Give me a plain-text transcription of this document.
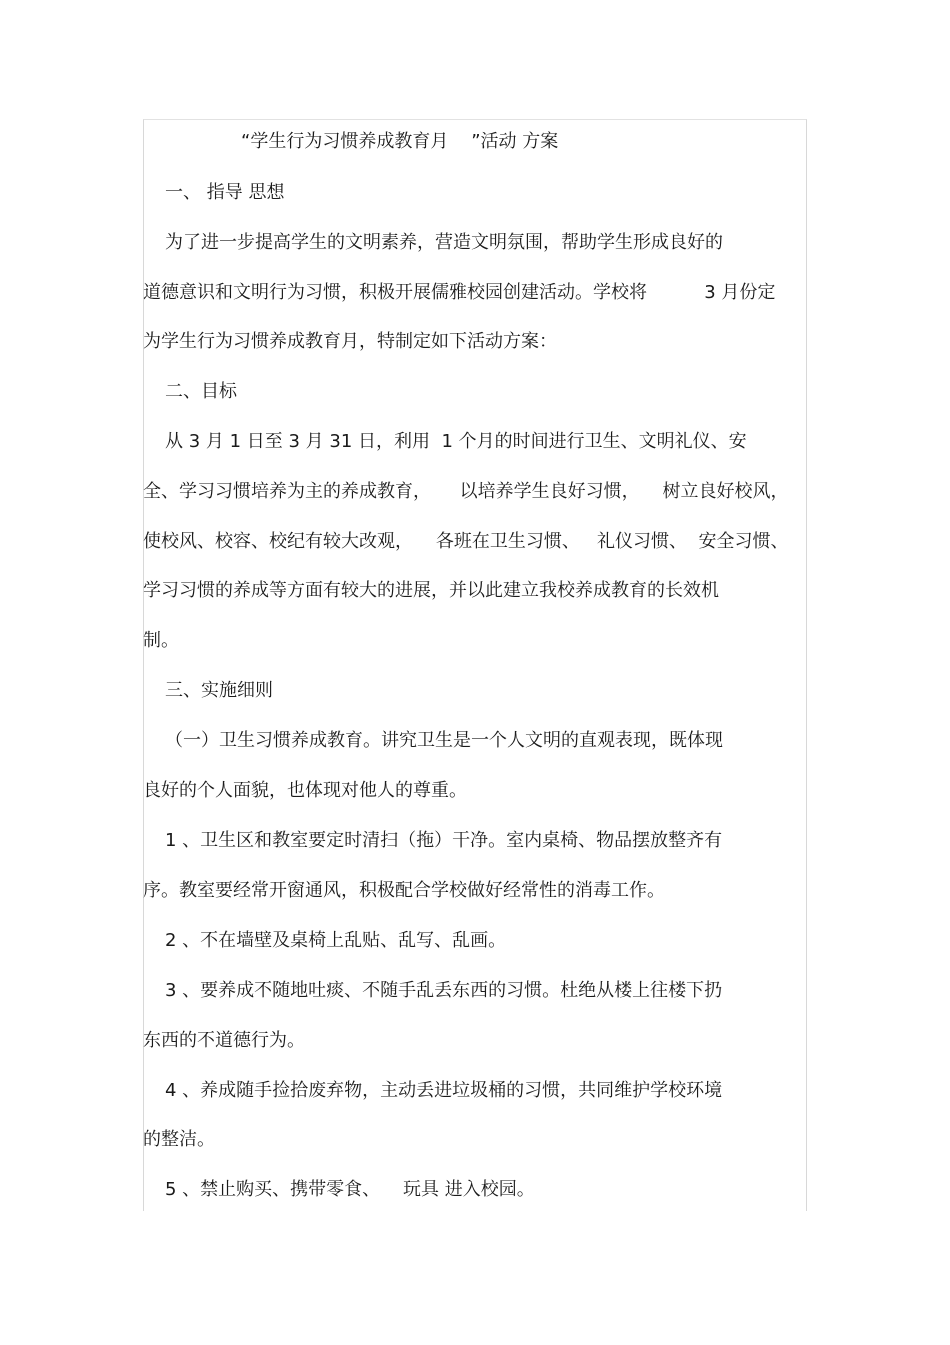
“学生行为习惯养成教育月    ”活动 方案
一、 指导 思想
为了进一步提高学生的文明素养，营造文明氛围，帮助学生形成良好的
道德意识和文明行为习惯，积极开展儒雅校园创建活动。学校将          3 月份定
为学生行为习惯养成教育月，特制定如下活动方案：
二、目标
从 3 月 1 日至 3 月 31 日，利用  1 个月的时间进行卫生、文明礼仪、安
全、学习习惯培养为主的养成教育，     以培养学生良好习惯，    树立良好校风，
使校风、校容、校纪有较大改观，    各班在卫生习惯、   礼仪习惯、  安全习惯、
学习习惯的养成等方面有较大的进展，并以此建立我校养成教育的长效机
制。
三、实施细则
（一）卫生习惯养成教育。讲究卫生是一个人文明的直观表现，既体现
良好的个人面貌，也体现对他人的尊重。
1 、卫生区和教室要定时清扫（拖）干净。室内桌椅、物品摆放整齐有
序。教室要经常开窗通风，积极配合学校做好经常性的消毒工作。
2 、不在墙壁及桌椅上乱贴、乱写、乱画。
3 、要养成不随地吐痰、不随手乱丢东西的习惯。杜绝从楼上往楼下扔
东西的不道德行为。
4 、养成随手捡拾废弃物，主动丢进垃圾桶的习惯，共同维护学校环境
的整洁。
5 、禁止购买、携带零食、    玩具 进入校园。
